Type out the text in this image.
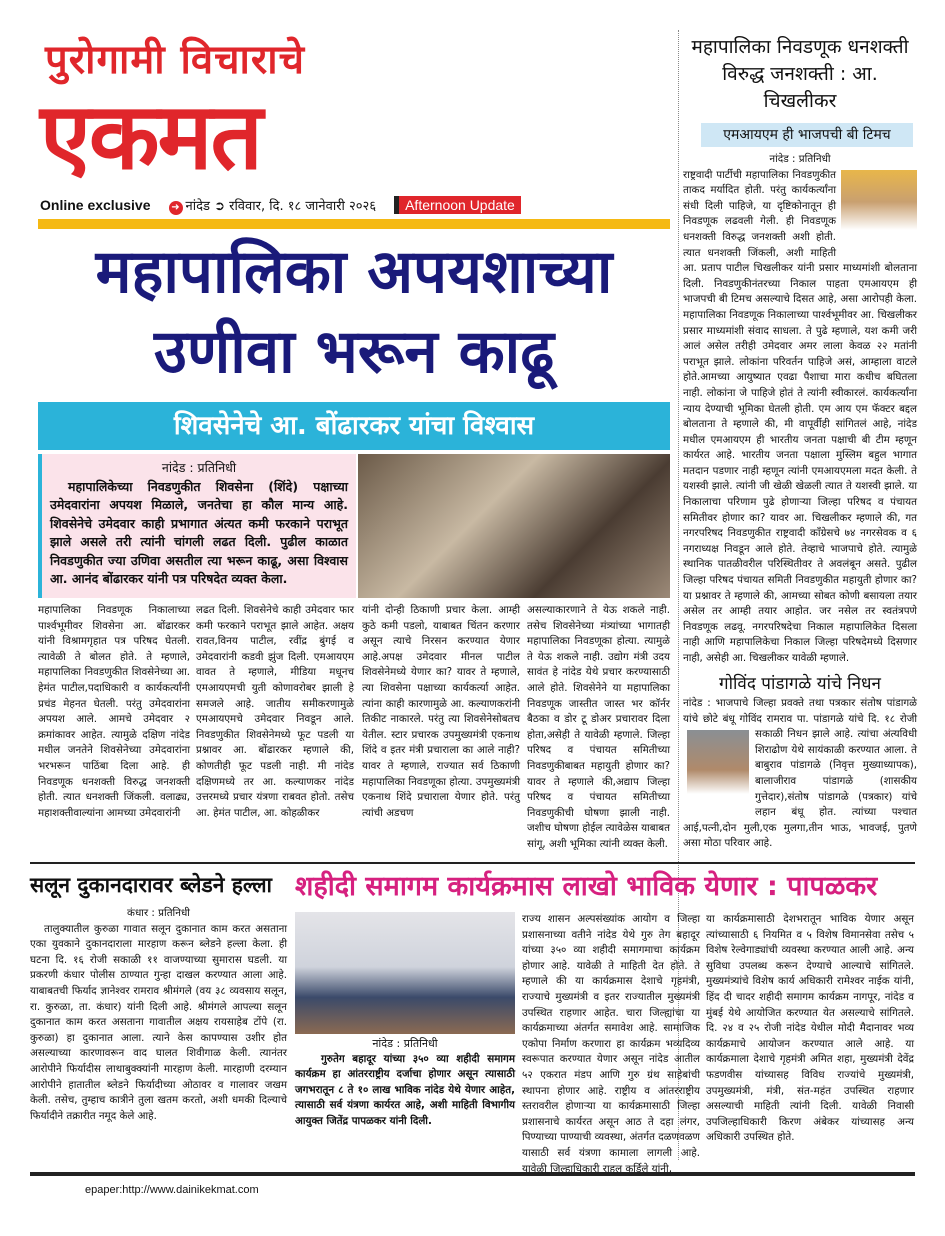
पुरोगामी विचाराचे
एकमत
Online exclusive ➜ नांदेड ➲ रविवार, दि. १८ जानेवारी २०२६	Afternoon Update
महापालिका अपयशाच्या
उणीवा भरून काढू
शिवसेनेचे आ. बोंढारकर यांचा विश्वास
नांदेड : प्रतिनिधी
महापालिकेच्या निवडणुकीत शिवसेना (शिंदे) पक्षाच्या उमेदवारांना अपयश मिळाले, जनतेचा हा कौल मान्य आहे. शिवसेनेचे उमेदवार काही प्रभागात अंत्यत कमी फरकाने पराभूत झाले असले तरी त्यांनी चांगली लढत दिली. पुढील काळात निवडणुकीत ज्या उणिवा असतील त्या भरून काढू, असा विश्वास आ. आनंद बोंढारकर यांनी पत्र परिषदेत व्यक्त केला.
महापालिका निवडणूक निकालाच्या पार्श्वभूमीवर शिवसेना आ. बोंढारकर यांनी विश्रामगृहात पत्र परिषद घेतली. त्यावेळी ते बोलत होते. ते म्हणाले, महापालिका निवडणुकीत शिवसेनेच्या आ. हेमंत पाटील,पदाधिकारी व कार्यकर्त्यांनी प्रचंड मेहनत घेतली. परंतु उमेदवारांना अपयश आले. आमचे उमेदवार २ क्रमांकावर आहेत. त्यामुळे दक्षिण नांदेड मधील जनतेने शिवसेनेच्या उमेदवारांना भरभरून पाठिंबा दिला आहे. ही निवडणूक धनशक्ती विरुद्ध जनशक्ती होती. त्यात धनशक्ती जिंकली. वलाढ्य, महाशक्तीवाल्यांना आमच्या उमेदवारांनी
लढत दिली. शिवसेनेचे काही उमेदवार फार कमी फरकाने पराभूत झाले आहेत. अक्षय रावत,विनय पाटील, रवींद्र बुंगई व उमेदवारांनी कडवी झुंज दिली. एमआयएम वावत ते म्हणाले, मीडिया मधूनच एमआयएमची युती कोणावरोबर झाली हे समजले आहे. जातीय समीकरणामुळे एमआयएमचे उमेदवार निवडून आले. निवडणुकीत शिवसेनेमध्ये फूट पडली या प्रश्नावर आ. बोंढारकर म्हणाले की, कोणतीही फूट पडली नाही. मी नांदेड दक्षिणमध्ये तर आ. कल्याणकर नांदेड उत्तरमध्ये प्रचार यंत्रणा राबवत होतो. तसेच आ. हेमंत पाटील, आ. कोहळीकर
यांनी दोन्ही ठिकाणी प्रचार केला. आम्ही कुठे कमी पडलो, याबाबत चिंतन करणार असून त्याचे निरसन करण्यात येणार आहे.अपक्ष उमेदवार मीनल पाटील शिवसेनेमध्ये येणार का? यावर ते म्हणाले, त्या शिवसेना पक्षाच्या कार्यकर्त्या आहेत. त्यांना काही कारणामुळे आ. कल्याणकरांनी तिकीट नाकारले. परंतु त्या शिवसेनेसोबतच येतील. स्टार प्रचारक उपमुख्यमंत्री एकनाथ शिंदे व इतर मंत्री प्रचाराला का आले नाही? यावर ते म्हणाले, राज्यात सर्व ठिकाणी महापालिका निवडणूका होत्या. उपमुख्यमंत्री एकनाथ शिंदे प्रचाराला येणार होते. परंतु त्यांची अडचण
असल्याकारणाने ते येऊ शकले नाही. तसेच शिवसेनेच्या मंत्र्यांच्या भागातही महापालिका निवडणूका होत्या. त्यामुळे ते येऊ शकले नाही. उद्योग मंत्री उदय सावंत हे नांदेड येथे प्रचार करण्यासाठी आले होते. शिवसेनेने या महापालिका निवडणूक जास्तीत जास्त भर कॉर्नर बैठका व डोर टू डोअर प्रचारावर दिला होता,असेही ते यावेळी म्हणाले. जिल्हा परिषद व पंचायत समितीच्या निवडणुकीबाबत महायुती होणार का? यावर ते म्हणाले की,अद्याप जिल्हा परिषद व पंचायत समितीच्या निवडणुकीची घोषणा झाली नाही. जशीच घोषणा होईल त्यावेळेस याबाबत सांगू, अशी भूमिका त्यांनी व्यक्त केली.
महापालिका निवडणूक धनशक्ती
विरुद्ध जनशक्ती : आ. चिखलीकर
एमआयएम ही भाजपची बी टिमच
नांदेड : प्रतिनिधी
राष्ट्रवादी पार्टीची महापालिका निवडणुकीत ताकद मर्यादित होती. परंतु कार्यकर्त्यांना संधी दिली पाहिजे, या दृष्टिकोनातून ही निवडणूक लढवली गेली. ही निवडणूक धनशक्ती विरुद्ध जनशक्ती अशी होती. त्यात धनशक्ती जिंकली, अशी माहिती आ. प्रताप पाटील चिखलीकर यांनी प्रसार माध्यमांशी बोलताना दिली. निवडणुकीनंतरच्या निकाल पाहता एमआयएम ही भाजपची बी टिमच असल्याचे दिसत आहे, असा आरोपही केला. महापालिका निवडणूक निकालाच्या पार्श्वभूमीवर आ. चिखलीकर प्रसार माध्यमांशी संवाद साधला. ते पुढे म्हणाले, यश कमी जरी आलं असेल तरीही उमेदवार अमर लाला केवळ २२ मतांनी पराभूत झाले. लोकांना परिवर्तन पाहिजे असं, आम्हाला वाटले होते.आमच्या आयुष्यात एवढा पैशाचा मारा कधीच बघितला नाही. लोकांना जे पाहिजे होतं ते त्यांनी स्वीकारलं. कार्यकर्त्यांना न्याय देण्याची भूमिका घेतली होती. एम आय एम फॅक्टर बद्दल बोलताना ते म्हणाले की, मी वापूर्वीही सांगितलं आहे, नांदेड मधील एमआयएम ही भारतीय जनता पक्षाची बी टीम म्हणून कार्यरत आहे. भारतीय जनता पक्षाला मुस्लिम बहुल भागात मतदान पडणार नाही म्हणून त्यांनी एमआयएमला मदत केली. ते यशस्वी झाले. त्यांनी जी खेळी खेळली त्यात ते यशस्वी झाले. या निकालाचा परिणाम पुढे होणाऱ्या जिल्हा परिषद व पंचायत समितीवर होणार का? यावर आ. चिखलीकर म्हणाले की, गत नगरपरिषद निवडणुकीत राष्ट्रवादी काँग्रेसचे ७४ नगरसेवक व ६ नगराध्यक्ष निवडून आले होते. तेव्हाचे भाजपाचे होते. त्यामुळे स्थानिक पातळीवरील परिस्थितीवर ते अवलंबून असते. पुढील जिल्हा परिषद पंचायत समिती निवडणुकीत महायुती होणार का? या प्रश्नावर ते म्हणाले की, आमच्या सोबत कोणी बसायला तयार असेल तर आम्ही तयार आहोत. जर नसेल तर स्वतंत्रपणे निवडणूक लढवू. नगरपरिषदेचा निकाल महापालिकेत दिसला नाही आणि महापालिकेचा निकाल जिल्हा परिषदेमध्ये दिसणार नाही, असेही आ. चिखलीकर यावेळी म्हणाले.
गोविंद पांडागळे यांचे निधन
नांदेड : भाजपाचे जिल्हा प्रवक्ते तथा पत्रकार संतोष पांडागळे यांचे छोटे बंधू गोविंद रामराव पा. पांडागळे यांचे दि. १८ रोजी सकाळी निधन झाले आहे. त्यांचा अंत्यविधी शिराढोण येथे सायंकाळी करण्यात आला. ते बाबुराव पांडागळे (निवृत्त मुख्याध्यापक), बालाजीराव पांडागळे (शासकीय गुत्तेदार),संतोष पांडागळे (पत्रकार) यांचे लहान बंधू होत. त्यांच्या पश्चात आई,पत्नी,दोन मुली,एक मुलगा,तीन भाऊ, भावजई, पुतणे असा मोठा परिवार आहे.
सलून दुकानदारावर ब्लेडने हल्ला
कंधार : प्रतिनिधी
तालुक्यातील कुरुळा गावात सलून दुकानात काम करत असताना एका युवकाने दुकानदाराला मारहाण करून ब्लेडने हल्ला केला. ही घटना दि. १६ रोजी सकाळी ११ वाजण्याच्या सुमारास घडली. या प्रकरणी कंधार पोलीस ठाण्यात गुन्हा दाखल करण्यात आला आहे. याबाबतची फिर्याद ज्ञानेश्वर रामराव श्रीमंगले (वय ३८ व्यवसाय सलून, रा. कुरुळा, ता. कंधार) यांनी दिली आहे. श्रीमंगले आपल्या सलून दुकानात काम करत असताना गावातील अक्षय रायसाहेब टोंपे (रा. कुरुळा) हा दुकानात आला. त्याने केस कापण्यास उशीर होत असल्याच्या कारणावरून वाद घालत शिवीगाळ केली. त्यानंतर आरोपीने फिर्यादीस लाथाबुक्क्यांनी मारहाण केली. मारहाणी दरम्यान आरोपीने हातातील ब्लेडने फिर्यादीच्या ओठावर व गालावर जखम केली. तसेच, तुम्हाच कात्रीने तुला खतम करतो, अशी धमकी दिल्याचे फिर्यादीने तक्रारीत नमूद केले आहे.
शहीदी समागम कार्यक्रमास लाखो भाविक येणार : पापळकर
नांदेड : प्रतिनिधी
गुरुतेग बहादूर यांच्या ३५० व्या शहीदी समागम कार्यक्रम हा आंतरराष्ट्रीय दर्जाचा होणार असून त्यासाठी जगभरातून ८ ते १० लाख भाविक नांदेड येथे येणार आहेत, त्यासाठी सर्व यंत्रणा कार्यरत आहे, अशी माहिती विभागीय आयुक्त जितेंद्र पापळकर यांनी दिली.
राज्य शासन अल्पसंख्यांक आयोग व जिल्हा प्रशासनाच्या वतीने नांदेड येथे गुरु तेग बहादूर यांच्या ३५० व्या शहीदी समागमाचा कार्यक्रम होणार आहे. यावेळी ते माहिती देत होते. ते म्हणाले की या कार्यक्रमास देशाचे गृहमंत्री, राज्याचे मुख्यमंत्री व इतर राज्यातील मुख्यमंत्री उपस्थित राहणार आहेत. चारा जिल्ह्यांचा या कार्यक्रमाच्या अंतर्गत समावेश आहे. सामाजिक एकोपा निर्माण करणारा हा कार्यक्रम भव्यदिव्य स्वरूपात करण्यात येणार असून नांदेड आतील ५२ एकरात मंडप आणि गुरु ग्रंथ साहेबांची स्थापना होणार आहे. राष्ट्रीय व आंतरराष्ट्रीय स्तरावरील होणाऱ्या या कार्यक्रमासाठी जिल्हा प्रशासनाचे कार्यरत असून आठ ते दहा लंगर, पिण्याच्या पाण्याची व्यवस्था, अंतर्गत दळणवळण यासाठी सर्व यंत्रणा कामाला लागली आहे. यावेळी जिल्हाधिकारी राहुल कर्डिले यांनी,
या कार्यक्रमासाठी देशभरातून भाविक येणार असून त्यांच्यासाठी ६ नियमित व ५ विशेष विमानसेवा तसेच ५ विशेष रेल्वेगाड्यांची व्यवस्था करण्यात आली आहे. अन्य सुविधा उपलब्ध करून देण्याचे आल्याचे सांगितले. मुख्यमंत्र्यांचे विशेष कार्य अधिकारी रामेश्वर नाईक यांनी, हिंद दी चादर शहीदी समागम कार्यक्रम नागपूर, नांदेड व मुंबई येथे आयोजित करण्यात येत असल्याचे सांगितले. दि. २४ व २५ रोजी नांदेड येथील मोदी मैदानावर भव्य कार्यक्रमाचे आयोजन करण्यात आले आहे. या कार्यक्रमाला देशाचे गृहमंत्री अमित शहा, मुख्यमंत्री देवेंद्र फडणवीस यांच्यासह विविध राज्यांचे मुख्यमंत्री, उपमुख्यमंत्री, मंत्री, संत-महंत उपस्थित राहणार असल्याची माहिती त्यांनी दिली. यावेळी निवासी उपजिल्हाधिकारी किरण अंबेकर यांच्यासह अन्य अधिकारी उपस्थित होते.
epaper:http://www.dainikekmat.com
